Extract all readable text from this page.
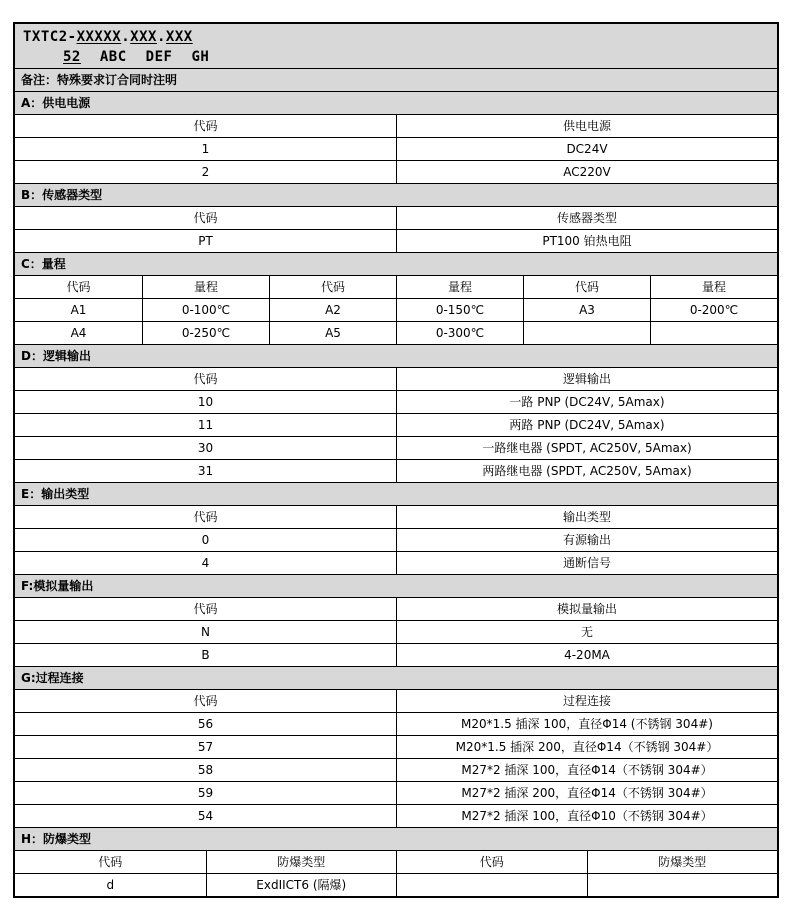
TXTC2-XXXXX.XXX.XXX
52 ABC DEF GH
备注：特殊要求订合同时注明
A：供电电源
代码	供电电源
1	DC24V
2	AC220V
B：传感器类型
代码	传感器类型
PT	PT100 铂热电阻
C：量程
代码	量程	代码	量程	代码	量程
A1	0-100℃	A2	0-150℃	A3	0-200℃
A4	0-250℃	A5	0-300℃
D：逻辑输出
代码	逻辑输出
10	一路 PNP (DC24V, 5Amax)
11	两路 PNP (DC24V, 5Amax)
30	一路继电器 (SPDT, AC250V, 5Amax)
31	两路继电器 (SPDT, AC250V, 5Amax)
E：输出类型
代码	输出类型
0	有源输出
4	通断信号
F:模拟量输出
代码	模拟量输出
N	无
B	4-20MA
G:过程连接
代码	过程连接
56	M20*1.5 插深 100，直径Φ14 (不锈钢 304#)
57	M20*1.5 插深 200，直径Φ14（不锈钢 304#）
58	M27*2 插深 100，直径Φ14（不锈钢 304#）
59	M27*2 插深 200，直径Φ14（不锈钢 304#）
54	M27*2 插深 100，直径Φ10（不锈钢 304#）
H：防爆类型
代码	防爆类型	代码	防爆类型
d	ExdIICT6 (隔爆)
